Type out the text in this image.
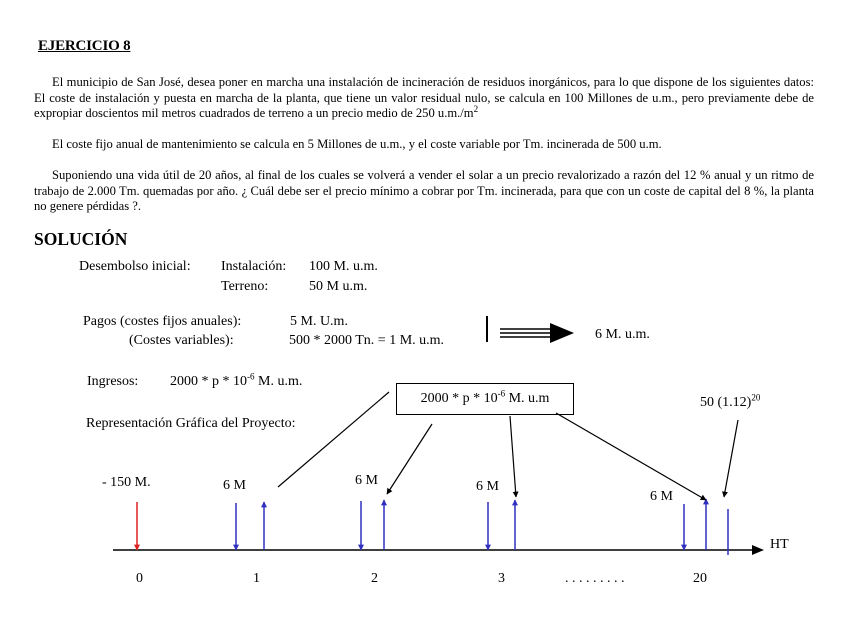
EJERCICIO 8
El municipio de San José, desea poner en marcha una instalación de incineración de residuos inorgánicos, para lo que dispone de los siguientes datos: El coste de instalación y puesta en marcha de la planta, que tiene un valor residual nulo, se calcula en 100 Millones de u.m., pero previamente debe de expropiar doscientos mil metros cuadrados de terreno a un precio medio de 250 $u.m./m^2$
El coste fijo anual de mantenimiento se calcula en 5 Millones de u.m., y el coste variable por Tm. incinerada de 500 u.m.
Suponiendo una vida útil de 20 años, al final de los cuales se volverá a vender el solar a un precio revalorizado a razón del 12 % anual y un ritmo de trabajo de 2.000 Tm. quemadas por año. ¿ Cuál debe ser el precio mínimo a cobrar por Tm. incinerada, para que con un coste de capital del 8 %, la planta no genere pérdidas ?.
SOLUCIÓN
Desembolso inicial: Instalación: 100 M. u.m.
Terreno:	50 M u.m.
Pagos (costes fijos anuales):	5 M. U.m.
(Costes variables):	500 * 2000 Tn. = 1 M. u.m.	6 M. u.m.
Ingresos: 2000 * p * $10^{-6}$ M. u.m.
2000 * p * $10^{-6}$ M. u.m
Representación Gráfica del Proyecto:
50 $(1.12)^{20}$
- 150 M.	6 M	6 M	6 M
6 M
HT
0	1	2	3	. . . . . . . . .	20
